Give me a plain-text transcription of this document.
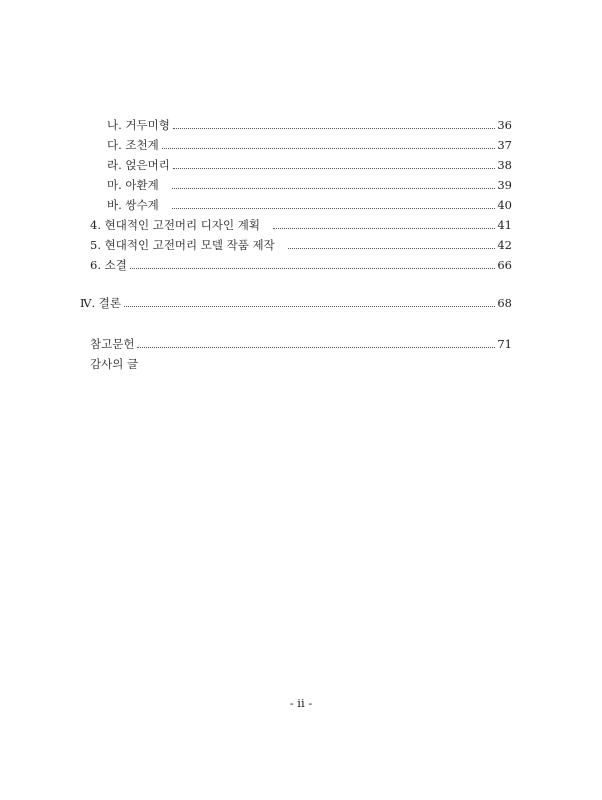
나. 거두미형	36
다. 조천계	37
라. 얹은머리	38
마. 아환계	39
바. 쌍수계	40
4. 현대적인 고전머리 디자인 계획	41
5. 현대적인 고전머리 모델 작품 제작	42
6. 소결	66
Ⅳ. 결론	68
참고문헌	71
감사의 글
- ii -
